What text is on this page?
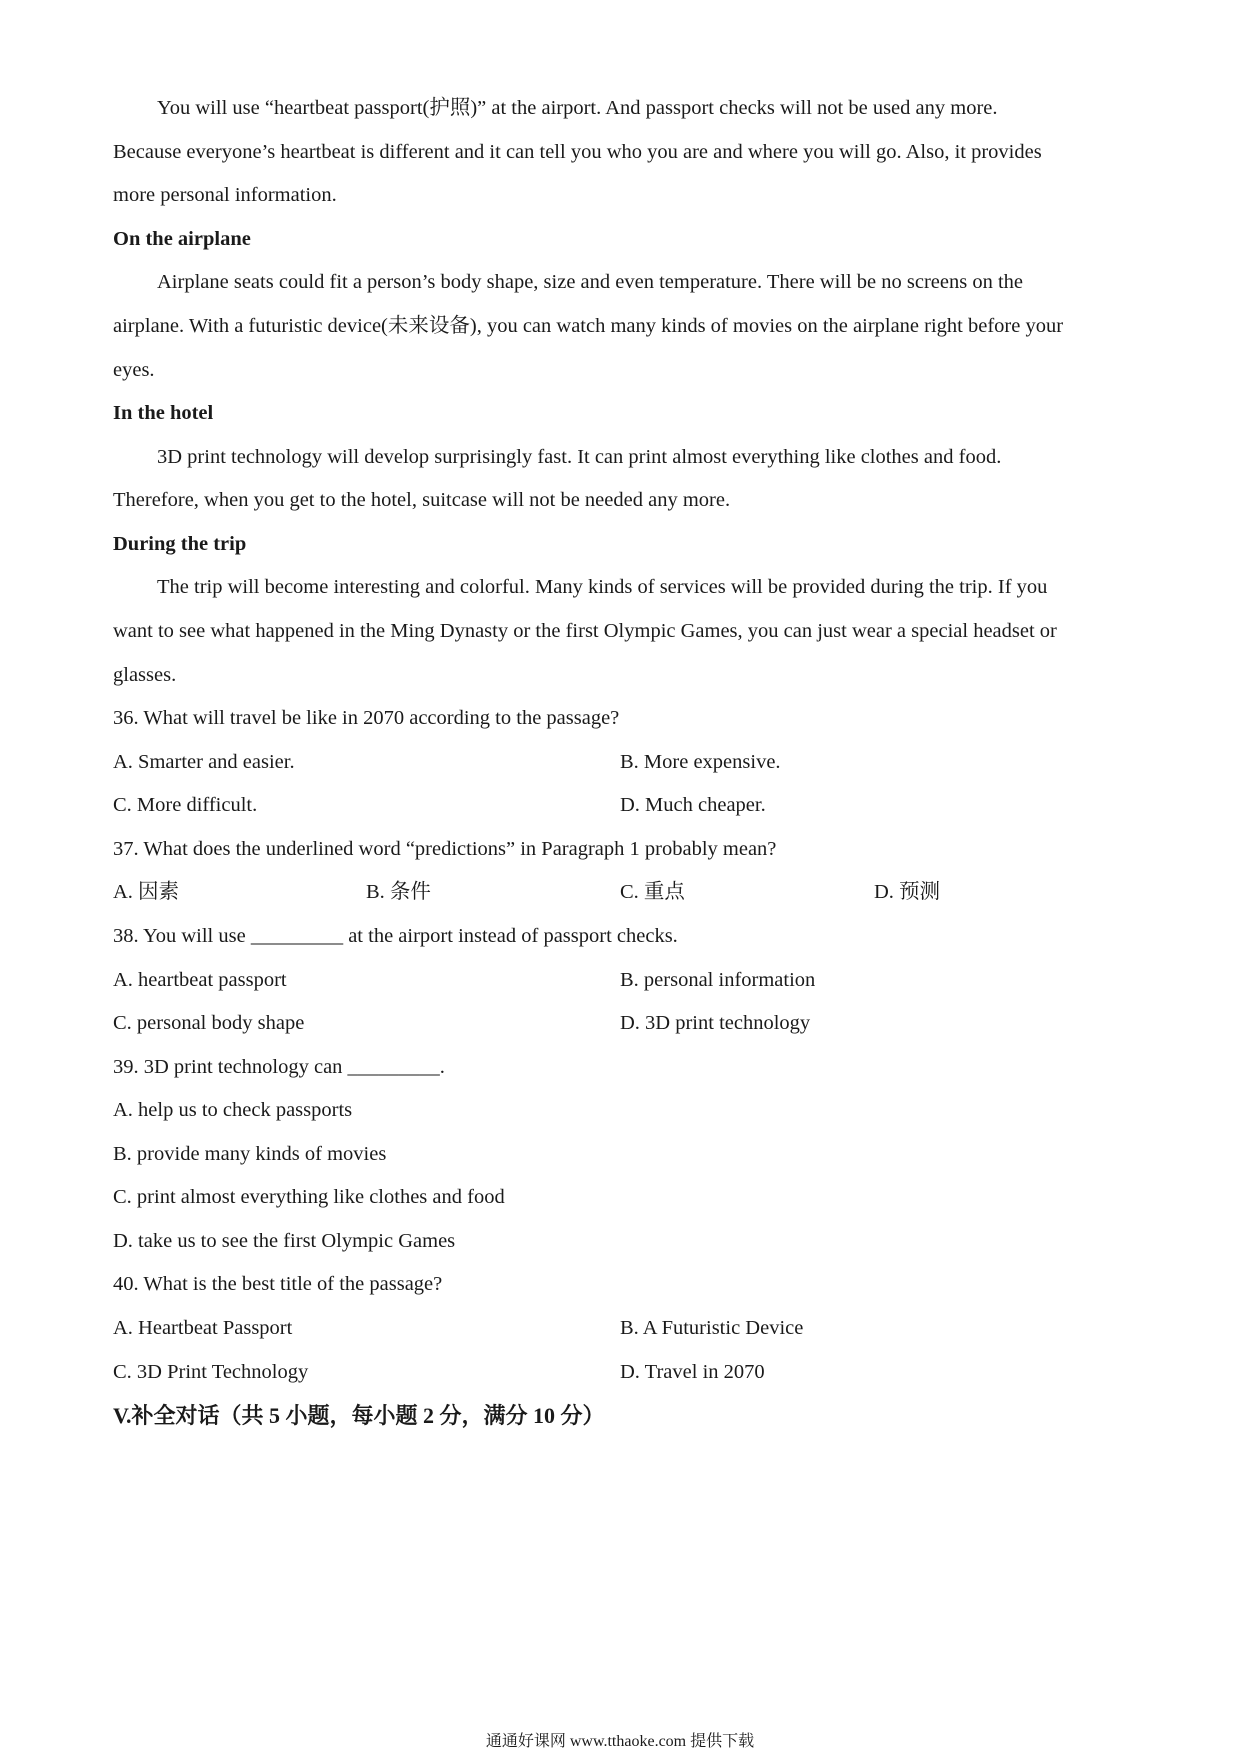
You will use “heartbeat passport(护照)” at the airport. And passport checks will not be used any more.
Because everyone’s heartbeat is different and it can tell you who you are and where you will go. Also, it provides
more personal information.
On the airplane
Airplane seats could fit a person’s body shape, size and even temperature. There will be no screens on the
airplane. With a futuristic device(未来设备), you can watch many kinds of movies on the airplane right before your
eyes.
In the hotel
3D print technology will develop surprisingly fast. It can print almost everything like clothes and food.
Therefore, when you get to the hotel, suitcase will not be needed any more.
During the trip
The trip will become interesting and colorful. Many kinds of services will be provided during the trip. If you
want to see what happened in the Ming Dynasty or the first Olympic Games, you can just wear a special headset or
glasses.
36. What will travel be like in 2070 according to the passage?
A. Smarter and easier.	B. More expensive.
C. More difficult.	D. Much cheaper.
37. What does the underlined word “predictions” in Paragraph 1 probably mean?
A. 因素	B. 条件	C. 重点	D. 预测
38. You will use _________ at the airport instead of passport checks.
A. heartbeat passport	B. personal information
C. personal body shape	D. 3D print technology
39. 3D print technology can _________.
A. help us to check passports
B. provide many kinds of movies
C. print almost everything like clothes and food
D. take us to see the first Olympic Games
40. What is the best title of the passage?
A. Heartbeat Passport	B. A Futuristic Device
C. 3D Print Technology	D. Travel in 2070
V.补全对话（共 5 小题，每小题 2 分，满分 10 分）
通通好课网 www.tthaoke.com 提供下载
